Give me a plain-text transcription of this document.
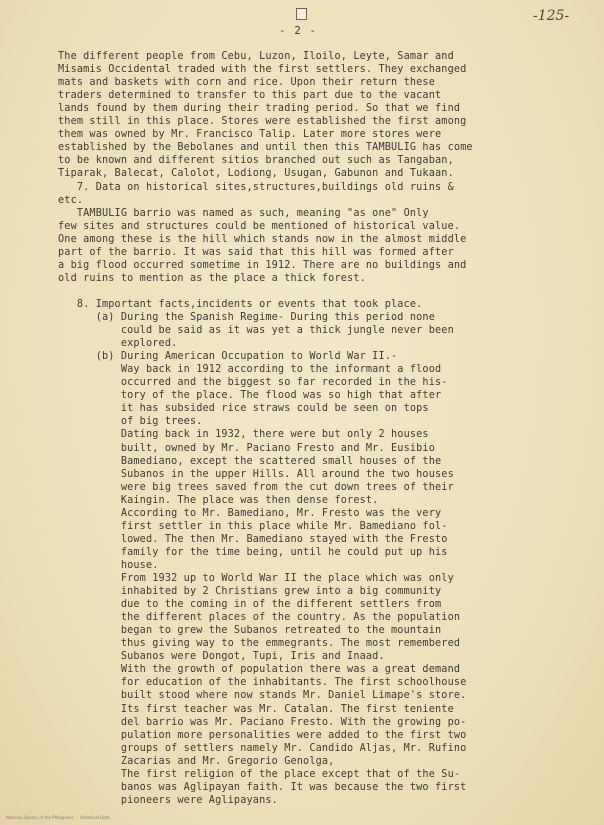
- 2 -
-125-
The different people from Cebu, Luzon, Iloilo, Leyte, Samar and
Misamis Occidental traded with the first settlers. They exchanged
mats and baskets with corn and rice. Upon their return these
traders determined to transfer to this part due to the vacant
lands found by them during their trading period. So that we find
them still in this place. Stores were established the first among
them was owned by Mr. Francisco Talip. Later more stores were
established by the Bebolanes and until then this TAMBULIG has come
to be known and different sitios branched out such as Tangaban,
Tiparak, Balecat, Calolot, Lodiong, Usugan, Gabunon and Tukaan.
7. Data on historical sites,structures,buildings old ruins &
etc.
TAMBULIG barrio was named as such, meaning "as one" Only
few sites and structures could be mentioned of historical value.
One among these is the hill which stands now in the almost middle
part of the barrio. It was said that this hill was formed after
a big flood occurred sometime in 1912. There are no buildings and
old ruins to mention as the place a thick forest.
8. Important facts,incidents or events that took place.
(a) During the Spanish Regime- During this period none
could be said as it was yet a thick jungle never been
explored.
(b) During American Occupation to World War II.-
Way back in 1912 according to the informant a flood
occurred and the biggest so far recorded in the his-
tory of the place. The flood was so high that after
it has subsided rice straws could be seen on tops
of big trees.
Dating back in 1932, there were but only 2 houses
built, owned by Mr. Paciano Fresto and Mr. Eusibio
Bamediano, except the scattered small houses of the
Subanos in the upper Hills. All around the two houses
were big trees saved from the cut down trees of their
Kaingin. The place was then dense forest.
According to Mr. Bamediano, Mr. Fresto was the very
first settler in this place while Mr. Bamediano fol-
lowed. The then Mr. Bamediano stayed with the Fresto
family for the time being, until he could put up his
house.
From 1932 up to World War II the place which was only
inhabited by 2 Christians grew into a big community
due to the coming in of the different settlers from
the different places of the country. As the population
began to grew the Subanos retreated to the mountain
thus giving way to the emmegrants. The most remembered
Subanos were Dongot, Tupi, Iris and Inaad.
With the growth of population there was a great demand
for education of the inhabitants. The first schoolhouse
built stood where now stands Mr. Daniel Limape's store.
Its first teacher was Mr. Catalan. The first teniente
del barrio was Mr. Paciano Fresto. With the growing po-
pulation more personalities were added to the first two
groups of settlers namely Mr. Candido Aljas, Mr. Rufino
Zacarias and Mr. Gregorio Genolga,
The first religion of the place except that of the Su-
banos was Aglipayan faith. It was because the two first
pioneers were Aglipayans.
National Library of the Philippines  ·  Historical Data
